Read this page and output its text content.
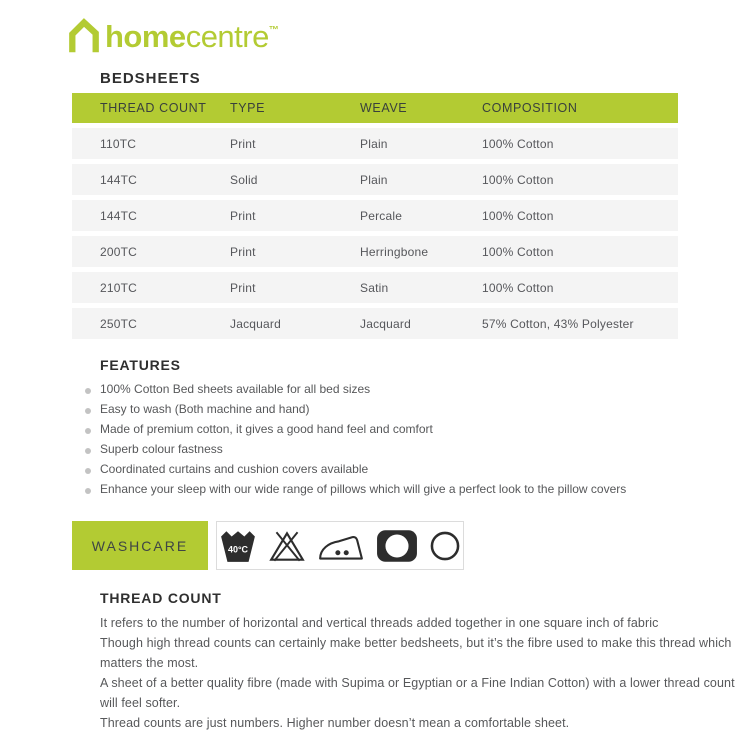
homecentre™
BEDSHEETS
THREAD COUNT	TYPE	WEAVE	COMPOSITION
110TC	Print	Plain	100% Cotton
144TC	Solid	Plain	100% Cotton
144TC	Print	Percale	100% Cotton
200TC	Print	Herringbone	100% Cotton
210TC	Print	Satin	100% Cotton
250TC	Jacquard	Jacquard	57% Cotton, 43% Polyester
FEATURES
100% Cotton Bed sheets available for all bed sizes
Easy to wash (Both machine and hand)
Made of premium cotton, it gives a good hand feel and comfort
Superb colour fastness
Coordinated curtains and cushion covers available
Enhance your sleep with our wide range of pillows which will give a perfect look to the pillow covers
WASHCARE	40°C
THREAD COUNT

It refers to the number of horizontal and vertical threads added together in one square inch of fabric

Though high thread counts can certainly make better bedsheets, but it’s the fibre used to make this thread which matters the most.

A sheet of a better quality fibre (made with Supima or Egyptian or a Fine Indian Cotton) with a lower thread count will feel softer.

Thread counts are just numbers. Higher number doesn’t mean a comfortable sheet.
